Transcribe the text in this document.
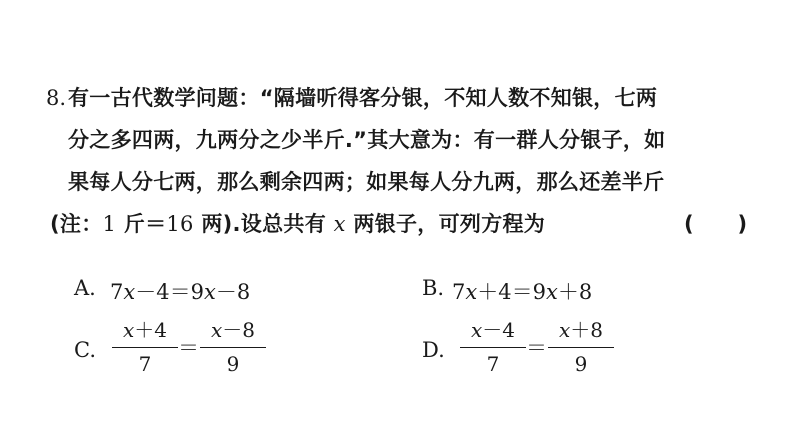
8. 有一古代数学问题：“隔墙听得客分银，不知人数不知银，七两
分之多四两，九两分之少半斤.”其大意为：有一群人分银子，如
果每人分七两，那么剩余四两；如果每人分九两，那么还差半斤
(注：1 斤＝16 两).设总共有 x 两银子，可列方程为	(      )
A. 7x－4＝9x－8	B. 7x＋4＝9x＋8
C.
x＋4
7
＝
x－8
9
D.
x－4
7
＝
x＋8
9
